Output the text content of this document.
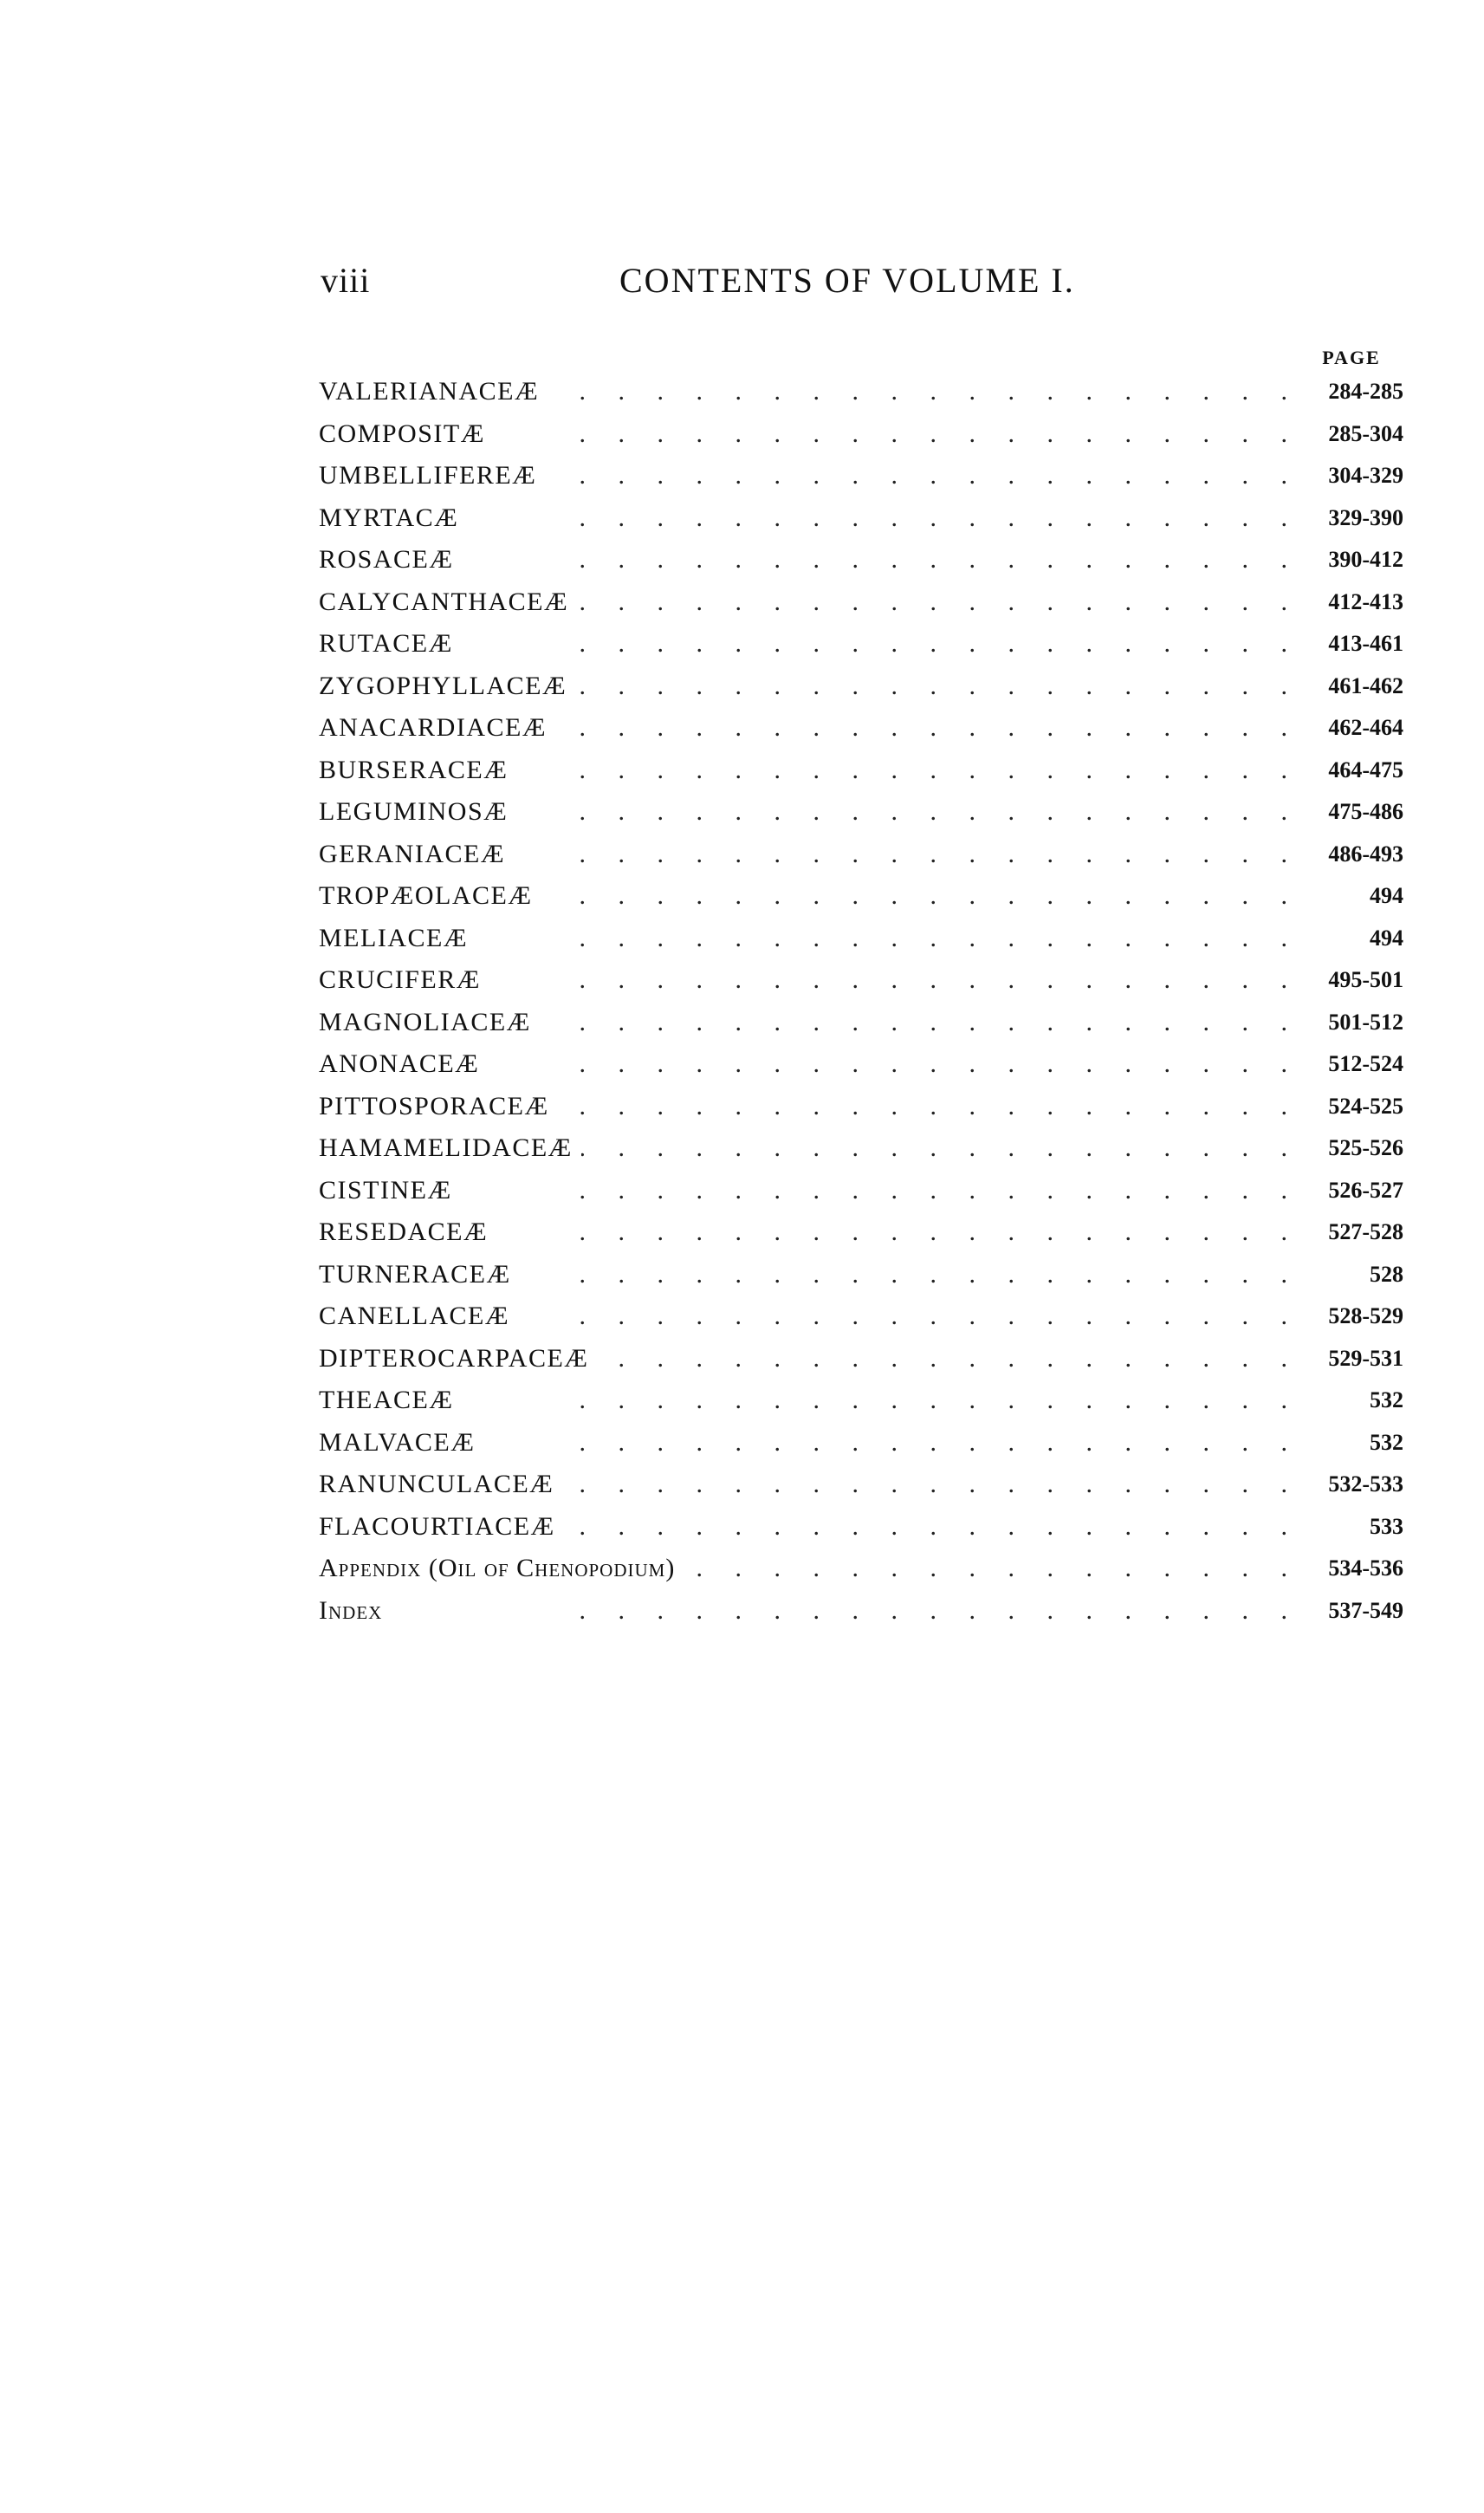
viii	CONTENTS OF VOLUME I.
PAGE
VALERIANACEÆ .	284-285
COMPOSITÆ .	285-304
UMBELLIFEREÆ .	304-329
MYRTACÆ .	329-390
ROSACEÆ .	390-412
CALYCANTHACEÆ .	412-413
RUTACEÆ .	413-461
ZYGOPHYLLACEÆ .	461-462
ANACARDIACEÆ .	462-464
BURSERACEÆ .	464-475
LEGUMINOSÆ .	475-486
GERANIACEÆ .	486-493
TROPÆOLACEÆ .	494
MELIACEÆ .	494
CRUCIFERÆ .	495-501
MAGNOLIACEÆ .	501-512
ANONACEÆ .	512-524
PITTOSPORACEÆ .	524-525
HAMAMELIDACEÆ .	525-526
CISTINEÆ .	526-527
RESEDACEÆ .	527-528
TURNERACEÆ .	528
CANELLACEÆ .	528-529
DIPTEROCARPACEÆ .	529-531
THEACEÆ .	532
MALVACEÆ .	532
RANUNCULACEÆ .	532-533
FLACOURTIACEÆ .	533
Appendix (Oil of Chenopodium) .	534-536
Index .	537-549
